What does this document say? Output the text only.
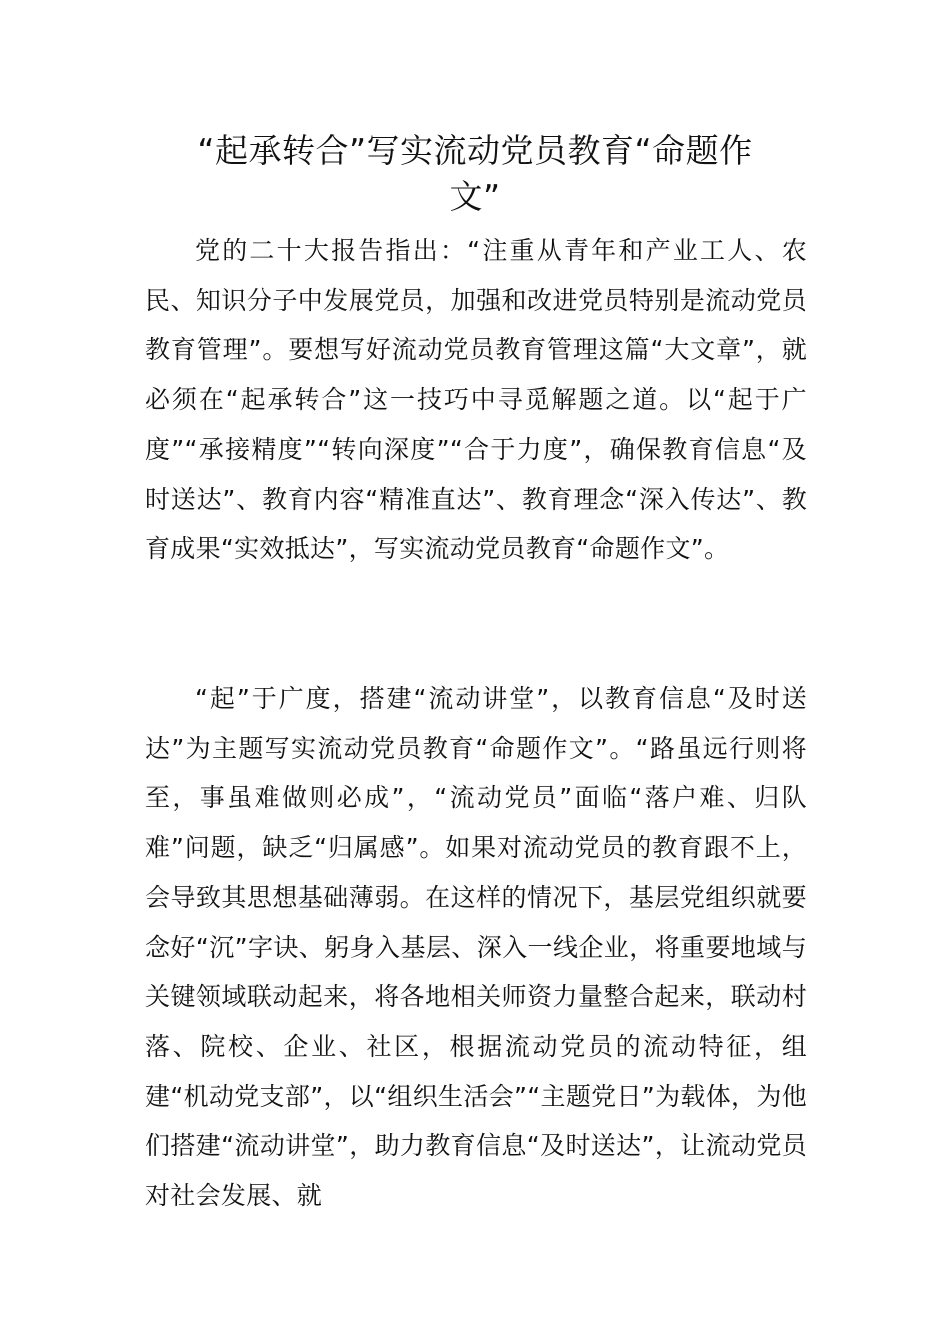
“起承转合”写实流动党员教育“命题作
文”

党的二十大报告指出：“注重从青年和产业工人、农民、知识分子中发展党员，加强和改进党员特别是流动党员教育管理”。要想写好流动党员教育管理这篇“大文章”，就必须在“起承转合”这一技巧中寻觅解题之道。以“起于广度”“承接精度”“转向深度”“合于力度”，确保教育信息“及时送达”、教育内容“精准直达”、教育理念“深入传达”、教育成果“实效抵达”，写实流动党员教育“命题作文”。

“起”于广度，搭建“流动讲堂”，以教育信息“及时送达”为主题写实流动党员教育“命题作文”。“路虽远行则将至，事虽难做则必成”，“流动党员”面临“落户难、归队难”问题，缺乏“归属感”。如果对流动党员的教育跟不上，会导致其思想基础薄弱。在这样的情况下，基层党组织就要念好“沉”字诀、躬身入基层、深入一线企业，将重要地域与关键领域联动起来，将各地相关师资力量整合起来，联动村落、院校、企业、社区，根据流动党员的流动特征，组建“机动党支部”，以“组织生活会”“主题党日”为载体，为他们搭建“流动讲堂”，助力教育信息“及时送达”，让流动党员对社会发展、就
